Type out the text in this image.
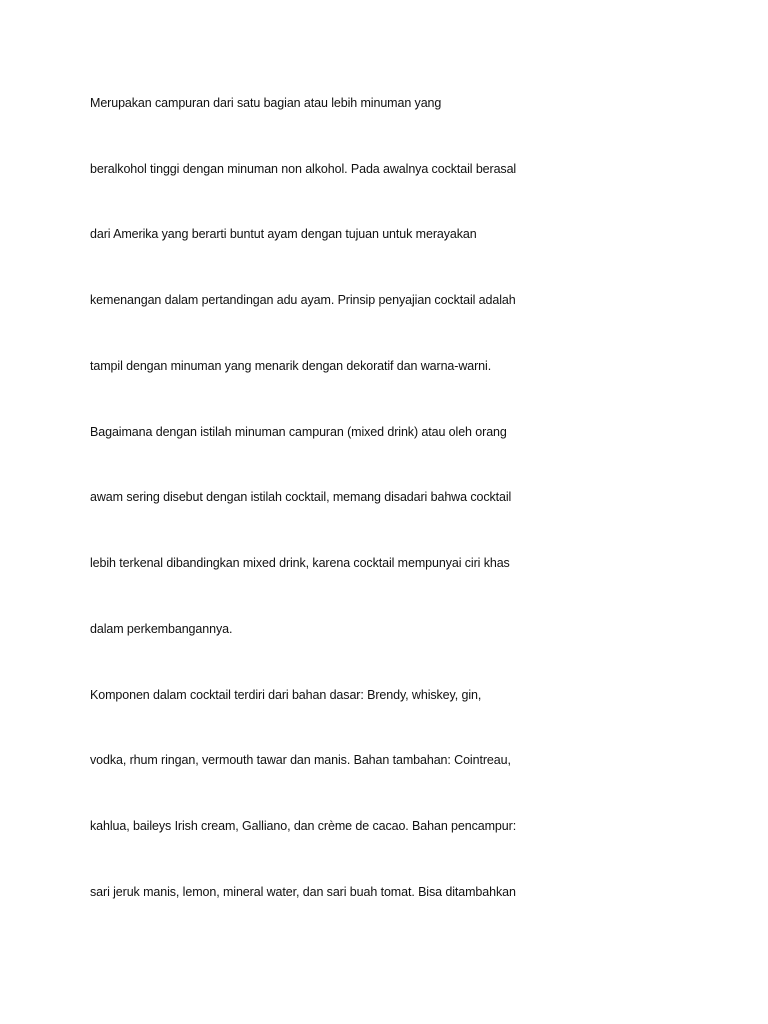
Merupakan campuran dari satu bagian atau lebih minuman yang

beralkohol tinggi dengan minuman non alkohol. Pada awalnya cocktail berasal

dari Amerika yang berarti buntut ayam dengan tujuan untuk merayakan

kemenangan dalam pertandingan adu ayam. Prinsip penyajian cocktail adalah

tampil dengan minuman yang menarik dengan dekoratif dan warna-warni.

Bagaimana dengan istilah minuman campuran (mixed drink) atau oleh orang

awam sering disebut dengan istilah cocktail, memang disadari bahwa cocktail

lebih terkenal dibandingkan mixed drink, karena cocktail mempunyai ciri khas

dalam perkembangannya.

Komponen dalam cocktail terdiri dari bahan dasar: Brendy, whiskey, gin,

vodka, rhum ringan, vermouth tawar dan manis. Bahan tambahan: Cointreau,

kahlua, baileys Irish cream, Galliano, dan crème de cacao. Bahan pencampur:

sari jeruk manis, lemon, mineral water, dan sari buah tomat. Bisa ditambahkan
